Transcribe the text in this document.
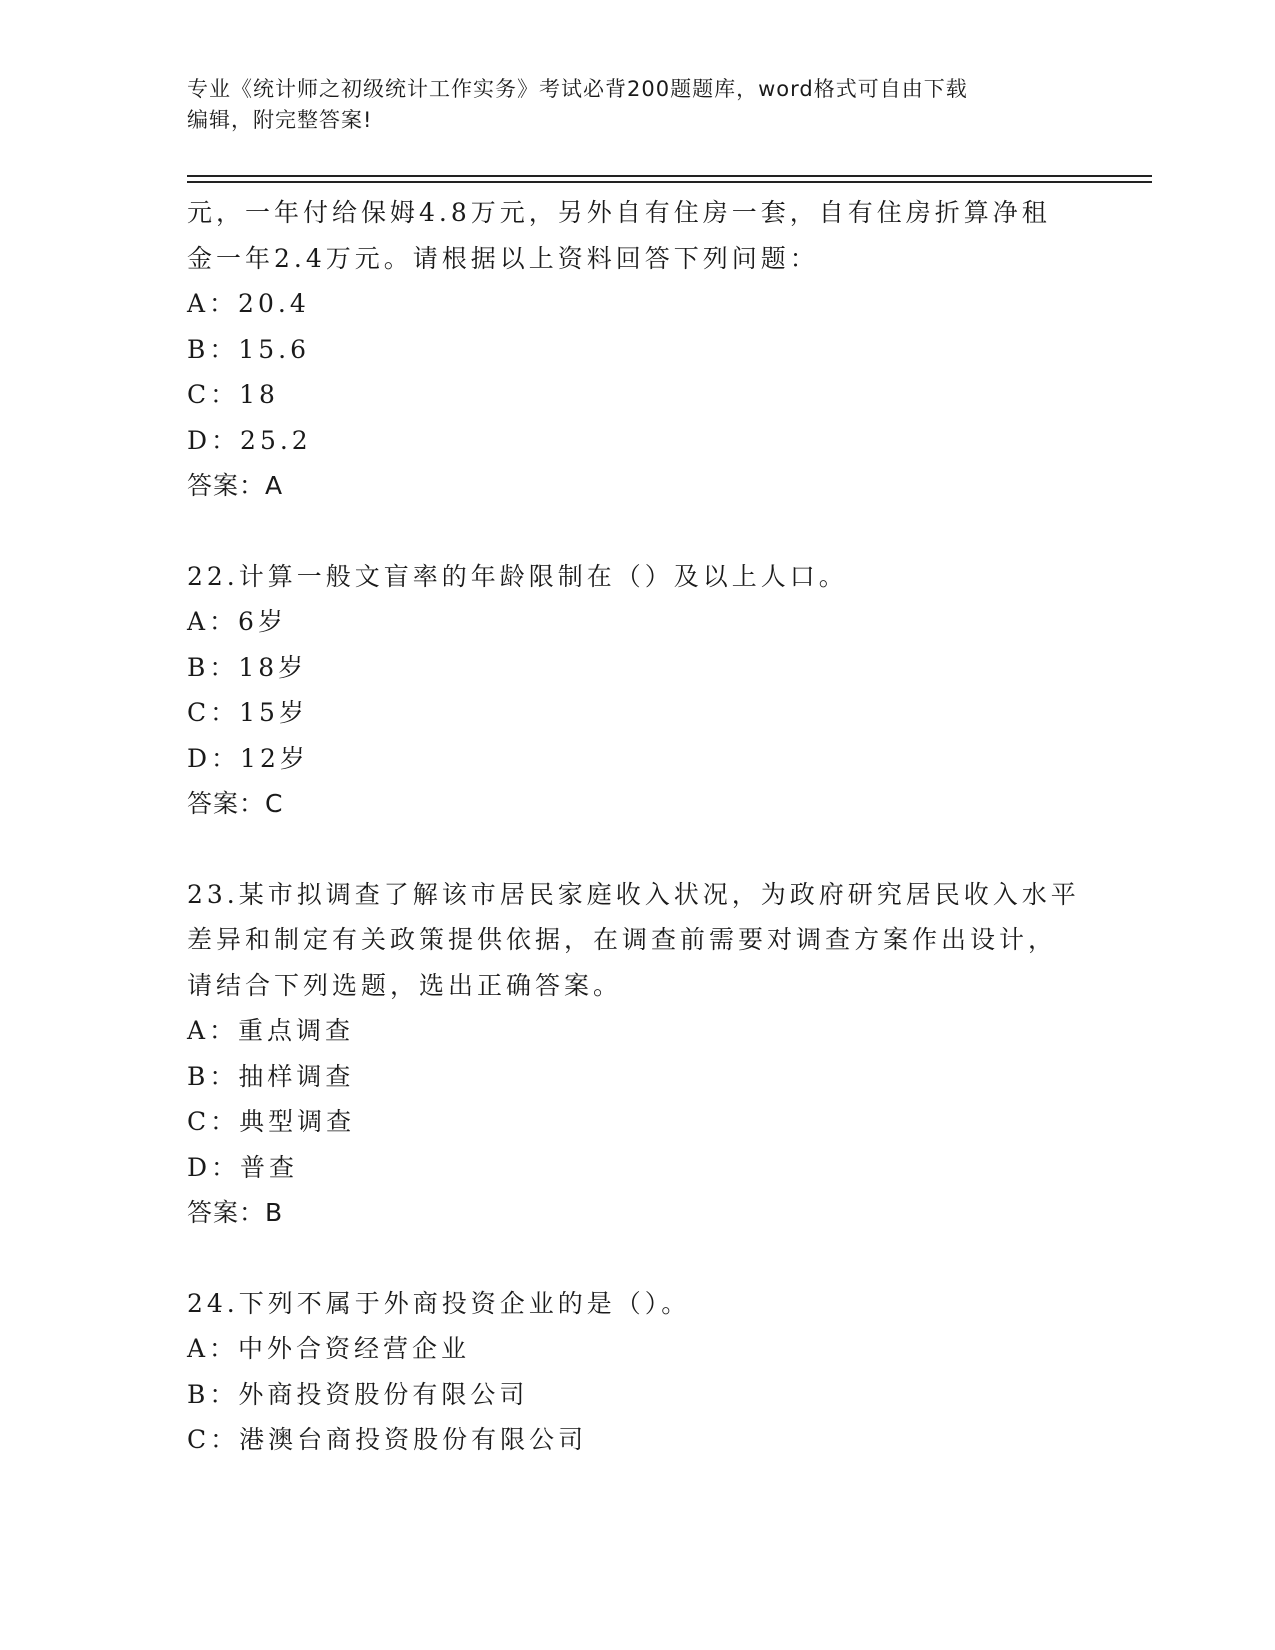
专业《统计师之初级统计工作实务》考试必背200题题库，word格式可自由下载
编辑，附完整答案!
元，一年付给保姆4.8万元，另外自有住房一套，自有住房折算净租
金一年2.4万元。请根据以上资料回答下列问题：
A：20.4
B：15.6
C：18
D：25.2
答案：A
22.计算一般文盲率的年龄限制在（）及以上人口。
A：6岁
B：18岁
C：15岁
D：12岁
答案：C
23.某市拟调查了解该市居民家庭收入状况，为政府研究居民收入水平
差异和制定有关政策提供依据，在调查前需要对调查方案作出设计，
请结合下列选题，选出正确答案。
A：重点调查
B：抽样调查
C：典型调查
D：普查
答案：B
24.下列不属于外商投资企业的是（）。
A：中外合资经营企业
B：外商投资股份有限公司
C：港澳台商投资股份有限公司
